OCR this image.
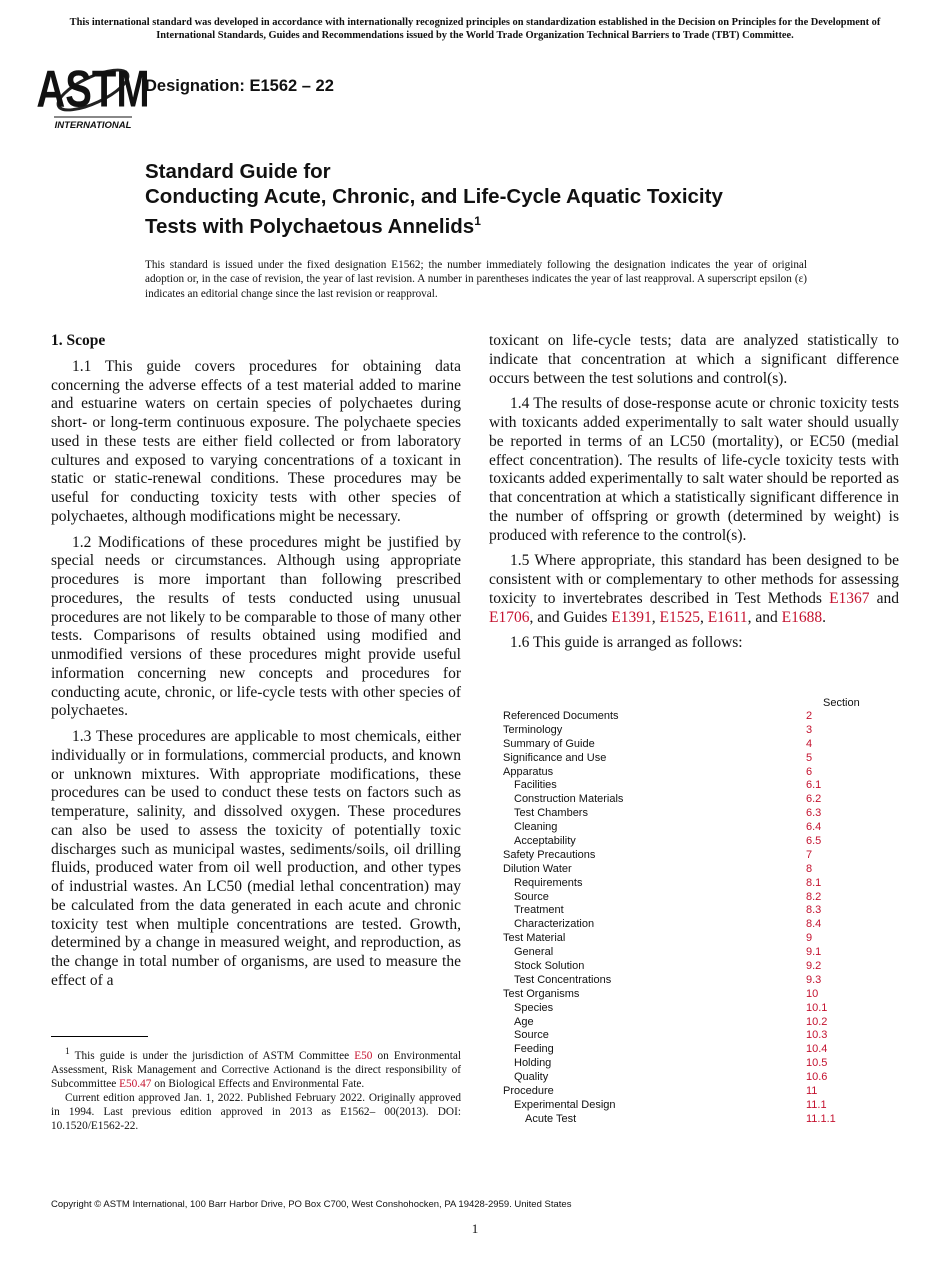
This international standard was developed in accordance with internationally recognized principles on standardization established in the Decision on Principles for the Development of International Standards, Guides and Recommendations issued by the World Trade Organization Technical Barriers to Trade (TBT) Committee.
ASTM
INTERNATIONAL
Designation: E1562 – 22
Standard Guide for
Conducting Acute, Chronic, and Life-Cycle Aquatic Toxicity
Tests with Polychaetous Annelids$^1$
This standard is issued under the fixed designation E1562; the number immediately following the designation indicates the year of original adoption or, in the case of revision, the year of last revision. A number in parentheses indicates the year of last reapproval. A superscript epsilon (ε) indicates an editorial change since the last revision or reapproval.
1. Scope

1.1 This guide covers procedures for obtaining data concerning the adverse effects of a test material added to marine and estuarine waters on certain species of polychaetes during short- or long-term continuous exposure. The polychaete species used in these tests are either field collected or from laboratory cultures and exposed to varying concentrations of a toxicant in static or static-renewal conditions. These procedures may be useful for conducting toxicity tests with other species of polychaetes, although modifications might be necessary.

1.2 Modifications of these procedures might be justified by special needs or circumstances. Although using appropriate procedures is more important than following prescribed procedures, the results of tests conducted using unusual procedures are not likely to be comparable to those of many other tests. Comparisons of results obtained using modified and unmodified versions of these procedures might provide useful information concerning new concepts and procedures for conducting acute, chronic, or life-cycle tests with other species of polychaetes.

1.3 These procedures are applicable to most chemicals, either individually or in formulations, commercial products, and known or unknown mixtures. With appropriate modifications, these procedures can be used to conduct these tests on factors such as temperature, salinity, and dissolved oxygen. These procedures can also be used to assess the toxicity of potentially toxic discharges such as municipal wastes, sediments/soils, oil drilling fluids, produced water from oil well production, and other types of industrial wastes. An LC50 (medial lethal concentration) may be calculated from the data generated in each acute and chronic toxicity test when multiple concentrations are tested. Growth, determined by a change in measured weight, and reproduction, as the change in total number of organisms, are used to measure the effect of a

toxicant on life-cycle tests; data are analyzed statistically to indicate that concentration at which a significant difference occurs between the test solutions and control(s).

1.4 The results of dose-response acute or chronic toxicity tests with toxicants added experimentally to salt water should usually be reported in terms of an LC50 (mortality), or EC50 (medial effect concentration). The results of life-cycle toxicity tests with toxicants added experimentally to salt water should be reported as that concentration at which a statistically significant difference in the number of offspring or growth (determined by weight) is produced with reference to the control(s).

1.5 Where appropriate, this standard has been designed to be consistent with or complementary to other methods for assessing toxicity to invertebrates described in Test Methods E1367 and E1706, and Guides E1391, E1525, E1611, and E1688.

1.6 This guide is arranged as follows:

Section
Referenced Documents	2
Terminology	3
Summary of Guide	4
Significance and Use	5
Apparatus	6
Facilities	6.1
Construction Materials	6.2
Test Chambers	6.3
Cleaning	6.4
Acceptability	6.5
Safety Precautions	7
Dilution Water	8
Requirements	8.1
Source	8.2
Treatment	8.3
Characterization	8.4
Test Material	9
General	9.1
Stock Solution	9.2
Test Concentrations	9.3
Test Organisms	10
Species	10.1
Age	10.2
Source	10.3
Feeding	10.4
Holding	10.5
Quality	10.6
Procedure	11
Experimental Design	11.1
Acute Test	11.1.1

$^1$ This guide is under the jurisdiction of ASTM Committee E50 on Environmental Assessment, Risk Management and Corrective Actionand is the direct responsibility of Subcommittee E50.47 on Biological Effects and Environmental Fate.

Current edition approved Jan. 1, 2022. Published February 2022. Originally approved in 1994. Last previous edition approved in 2013 as E1562– 00(2013). DOI: 10.1520/E1562-22.

Copyright © ASTM International, 100 Barr Harbor Drive, PO Box C700, West Conshohocken, PA 19428-2959. United States
1
